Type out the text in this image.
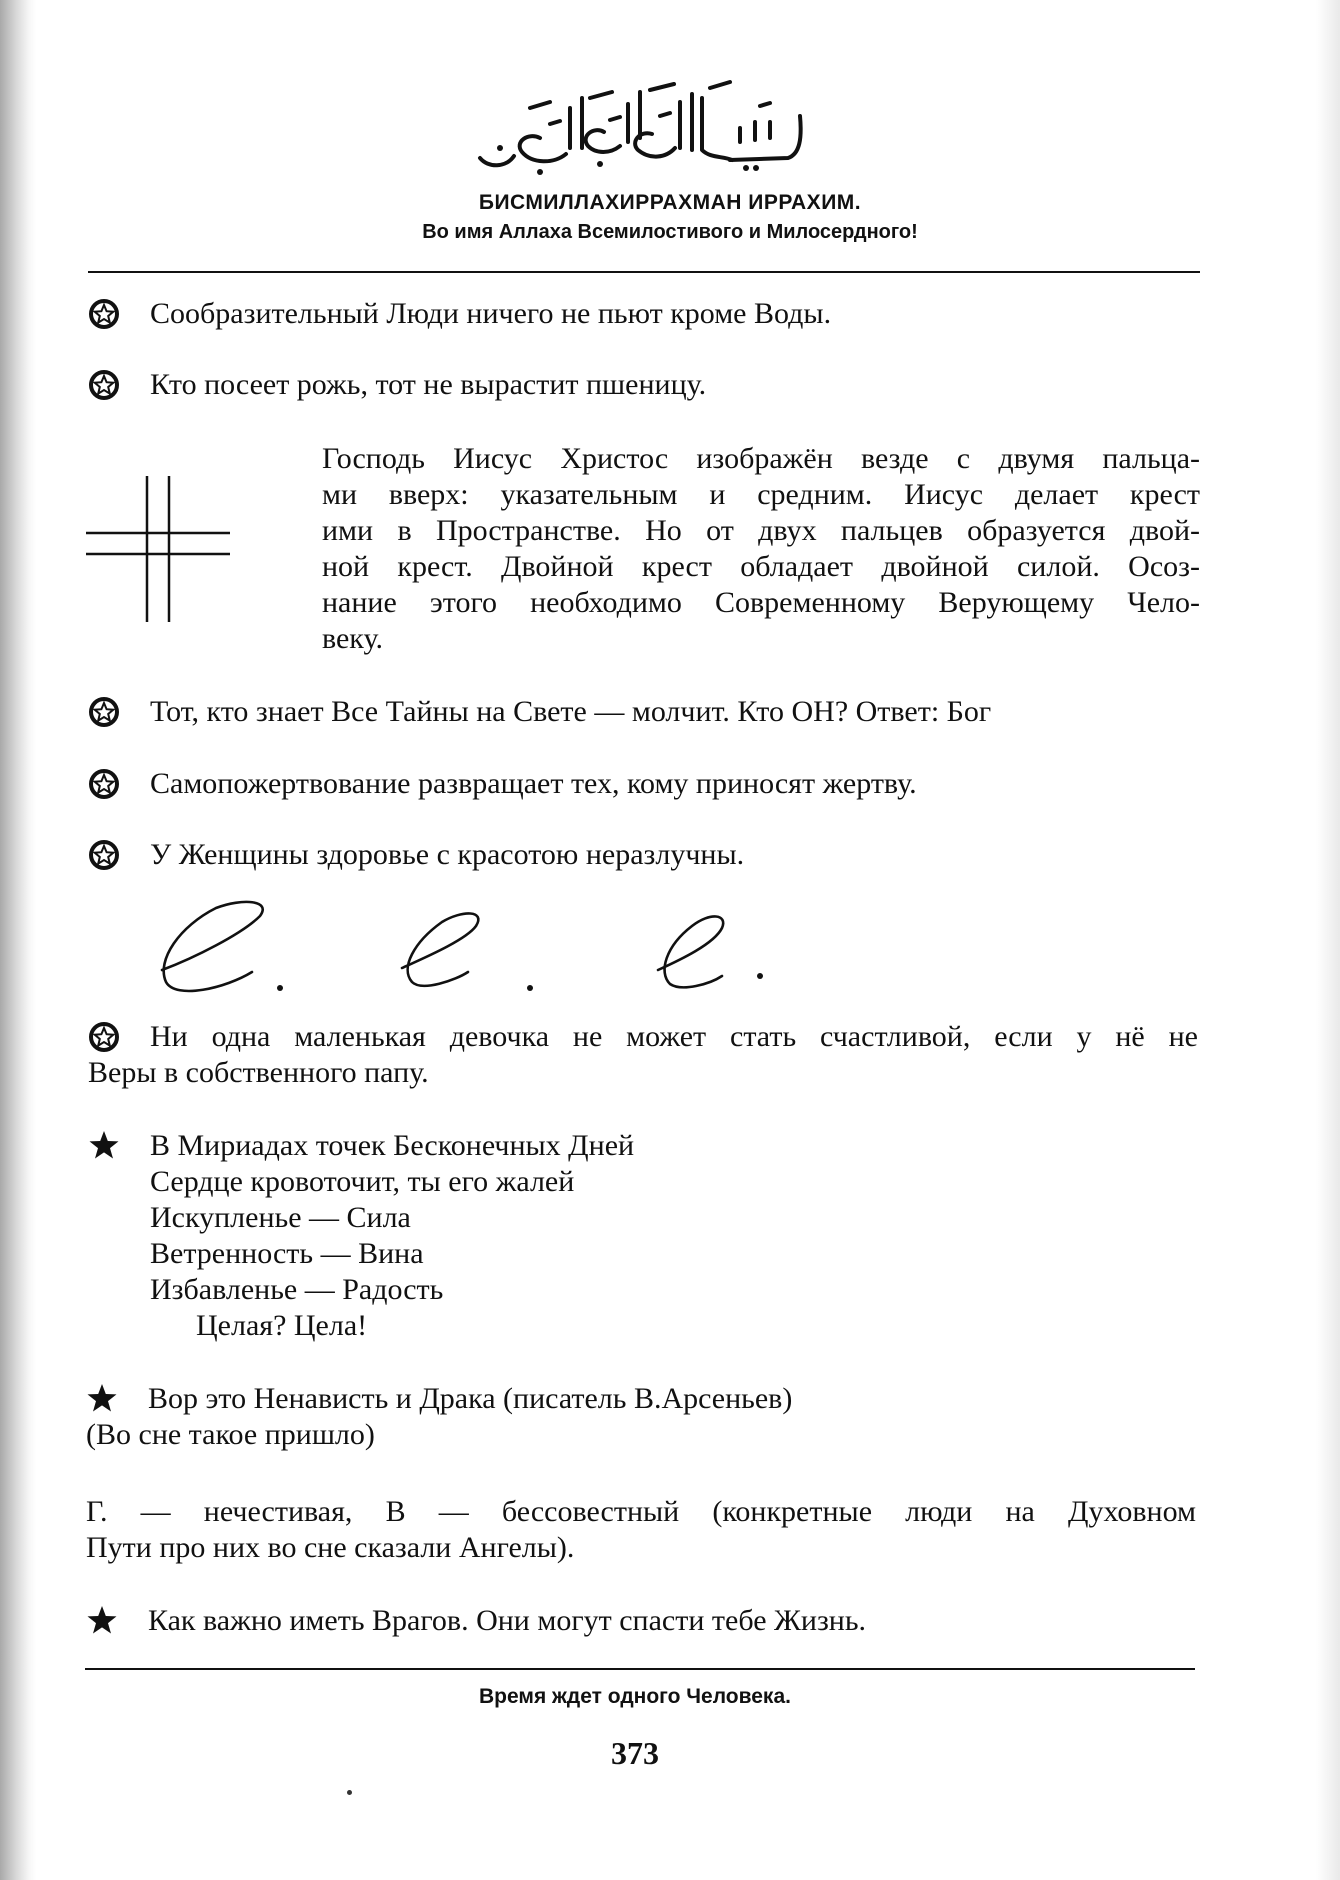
БИСМИЛЛАХИРРАХМАН ИРРАХИМ.
Во имя Аллаха Всемилостивого и Милосердного!
Сообразительный Люди ничего не пьют кроме Воды.
Кто посеет рожь, тот не вырастит пшеницу.
Господь Иисус Христос изображён везде с двумя пальца-
ми вверх: указательным и средним. Иисус делает крест
ими в Пространстве. Но от двух пальцев образуется двой-
ной крест. Двойной крест обладает двойной силой. Осоз-
нание этого необходимо Современному Верующему Чело-
веку.
Тот, кто знает Все Тайны на Свете — молчит. Кто ОН? Ответ: Бог
Самопожертвование развращает тех, кому приносят жертву.
У Женщины здоровье с красотою неразлучны.
Ни одна маленькая девочка не может стать счастливой, если у нё не
Веры в собственного папу.
В Мириадах точек Бесконечных Дней
Сердце кровоточит, ты его жалей
Искупленье — Сила
Ветренность — Вина
Избавленье — Радость
Целая? Цела!
Вор это Ненависть и Драка (писатель В.Арсеньев)
(Во сне такое пришло)
Г. — нечестивая, В — бессовестный (конкретные люди на Духовном
Пути про них во сне сказали Ангелы).
Как важно иметь Врагов. Они могут спасти тебе Жизнь.
Время ждет одного Человека.
373
